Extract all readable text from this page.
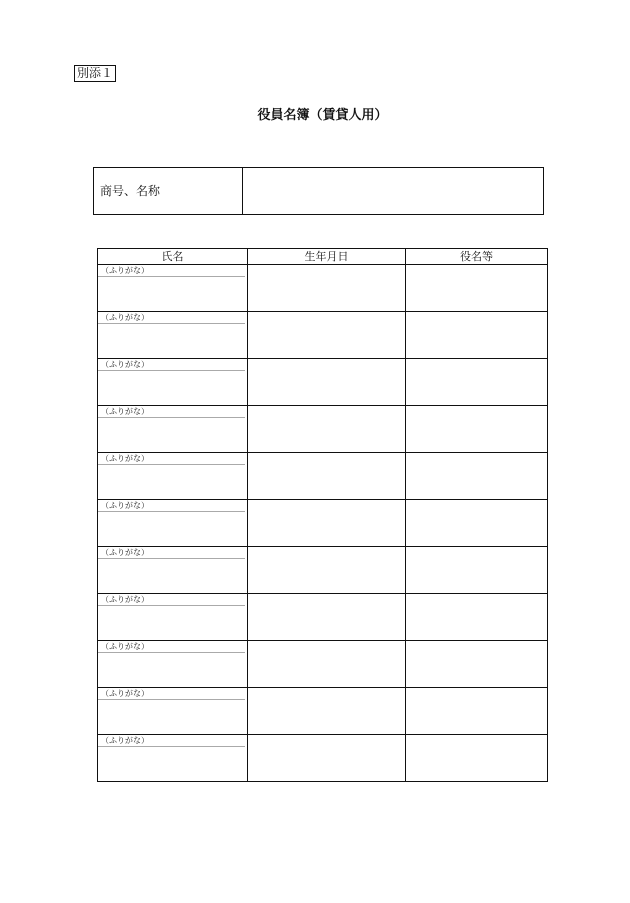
別添１
役員名簿（賃貸人用）
商号、名称
氏名	生年月日	役名等

（ふりがな）		

（ふりがな）		

（ふりがな）		

（ふりがな）		

（ふりがな）		

（ふりがな）		

（ふりがな）		

（ふりがな）		

（ふりがな）		

（ふりがな）		

（ふりがな）		
